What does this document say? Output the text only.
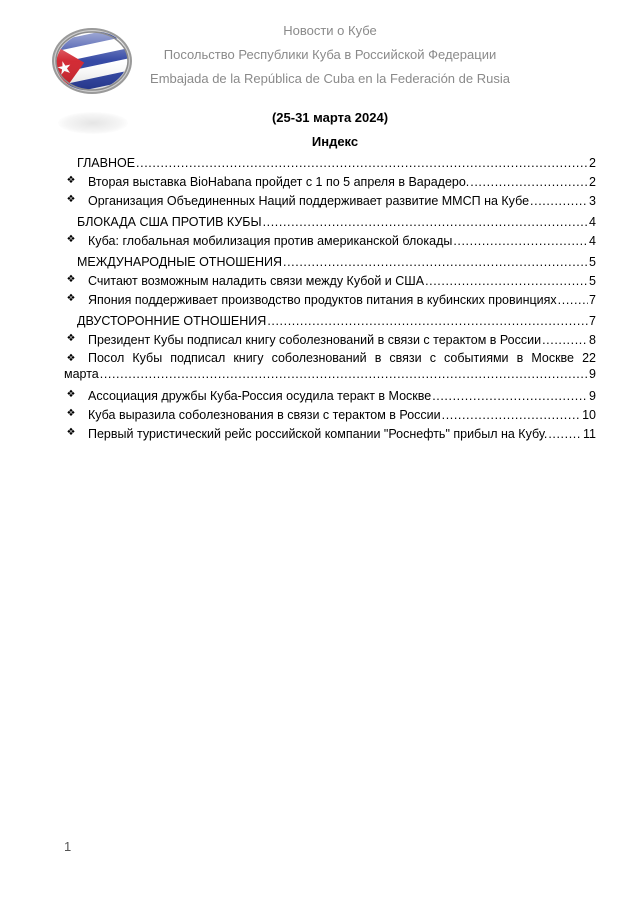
Новости о Кубе
Посольство Республики Куба в Российской Федерации
Embajada de la República de Cuba en la Federación de Rusia
(25-31 марта 2024)
Индекс
ГЛАВНОЕ .....	2
❖ Вторая выставка BioHabana пройдет с 1 по 5 апреля в Варадеро. .....	2
❖ Организация Объединенных Наций поддерживает развитие ММСП на Кубе .....	3
БЛОКАДА США ПРОТИВ КУБЫ .....	4
❖ Куба: глобальная мобилизация против американской блокады .....	4
МЕЖДУНАРОДНЫЕ ОТНОШЕНИЯ .....	5
❖ Считают возможным наладить связи между Кубой и США .....	5
❖ Япония поддерживает производство продуктов питания в кубинских провинциях .....	7
ДВУСТОРОННИЕ ОТНОШЕНИЯ .....	7
❖ Президент Кубы подписал книгу соболезнований в связи с терактом в России .....	8
❖ Посол Кубы подписал книгу соболезнований в связи с событиями в Москве 22
марта .....	9
❖ Ассоциация дружбы Куба-Россия осудила теракт в Москве .....	9
❖ Куба выразила соболезнования в связи с терактом в России .....	10
❖ Первый туристический рейс российской компании "Роснефть" прибыл на Кубу. .....	11
1
